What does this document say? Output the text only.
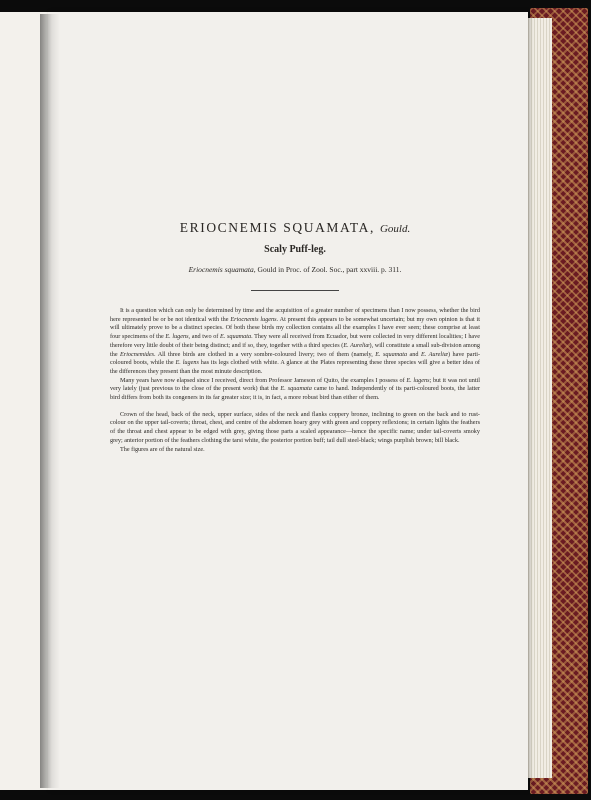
ERIOCNEMIS SQUAMATA, Gould.

Scaly Puff-leg.

Eriocnemis squamata, Gould in Proc. of Zool. Soc., part xxviii. p. 311.

It is a question which can only be determined by time and the acquisition of a greater number of specimens than I now possess, whether the bird here represented be or be not identical with the Eriocnemis lugens. At present this appears to be somewhat uncertain; but my own opinion is that it will ultimately prove to be a distinct species. Of both these birds my collection contains all the examples I have ever seen; these comprise at least four specimens of the E. lugens, and two of E. squamata. They were all received from Ecuador, but were collected in very different localities; I have therefore very little doubt of their being distinct; and if so, they, together with a third species (E. Aureliæ), will constitute a small sub-division among the Eriocnemides. All three birds are clothed in a very sombre-coloured livery; two of them (namely, E. squamata and E. Aureliæ) have parti-coloured boots, while the E. lugens has its legs clothed with white. A glance at the Plates representing these three species will give a better idea of the differences they present than the most minute description.

Many years have now elapsed since I received, direct from Professor Jameson of Quito, the examples I possess of E. lugens; but it was not until very lately (just previous to the close of the present work) that the E. squamata came to hand. Independently of its parti-coloured boots, the latter bird differs from both its congeners in its far greater size; it is, in fact, a more robust bird than either of them.

Crown of the head, back of the neck, upper surface, sides of the neck and flanks coppery bronze, inclining to green on the back and to rust-colour on the upper tail-coverts; throat, chest, and centre of the abdomen hoary grey with green and coppery reflexions; in certain lights the feathers of the throat and chest appear to be edged with grey, giving those parts a scaled appearance—hence the specific name; under tail-coverts smoky grey; anterior portion of the feathers clothing the tarsi white, the posterior portion buff; tail dull steel-black; wings purplish brown; bill black.

The figures are of the natural size.
